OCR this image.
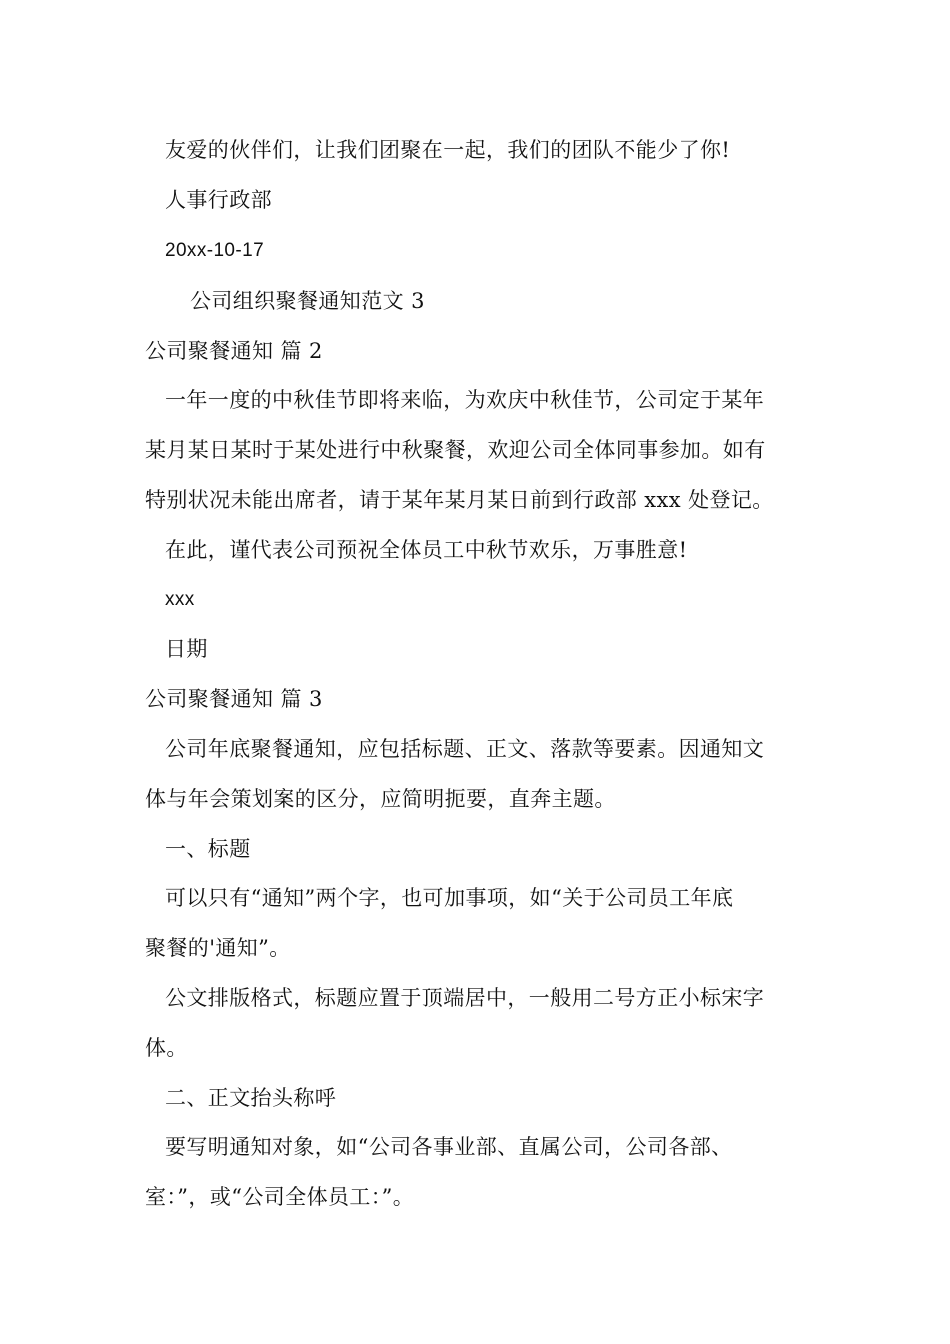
友爱的伙伴们，让我们团聚在一起，我们的团队不能少了你!
人事行政部
20xx-10-17
公司组织聚餐通知范文 3
公司聚餐通知 篇 2
一年一度的中秋佳节即将来临，为欢庆中秋佳节，公司定于某年
某月某日某时于某处进行中秋聚餐，欢迎公司全体同事参加。如有
特别状况未能出席者，请于某年某月某日前到行政部 xxx 处登记。
在此，谨代表公司预祝全体员工中秋节欢乐，万事胜意!
xxx
日期
公司聚餐通知 篇 3
公司年底聚餐通知，应包括标题、正文、落款等要素。因通知文
体与年会策划案的区分，应简明扼要，直奔主题。
一、标题
可以只有“通知”两个字，也可加事项，如“关于公司员工年底
聚餐的'通知”。
公文排版格式，标题应置于顶端居中，一般用二号方正小标宋字
体。
二、正文抬头称呼
要写明通知对象，如“公司各事业部、直属公司，公司各部、
室：”，或“公司全体员工：”。
